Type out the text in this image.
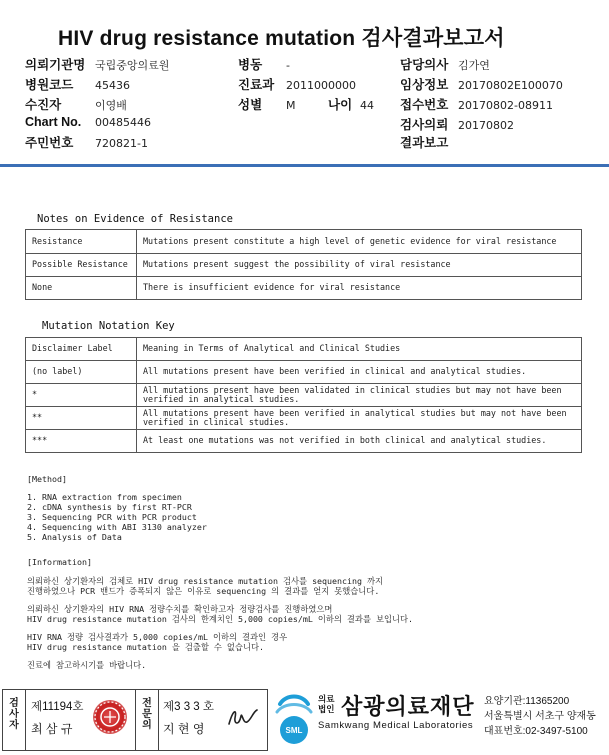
HIV drug resistance mutation 검사결과보고서
의뢰기관명 국립중앙의료원
병원코드 45436
수진자	이영배
Chart No. 00485446
주민번호 720821-1
병동 -
진료과 2011000000
성별 M	나이 44
담당의사 김가연
임상정보 20170802E100070
접수번호 20170802-08911
검사의뢰 20170802
결과보고
Notes on Evidence of Resistance
Resistance	Mutations present constitute a high level of genetic evidence for viral resistance
Possible Resistance	Mutations present suggest the possibility of viral resistance
None	There is insufficient evidence for viral resistance
Mutation Notation Key
Disclaimer Label	Meaning in Terms of Analytical and Clinical Studies
(no label)	All mutations present have been verified in clinical and analytical studies.
*	All mutations present have been validated in clinical studies but may not have been
verified in analytical studies.

**	All mutations present have been verified in analytical studies but may not have been
verified in clinical studies.

***	At least one mutations was not verified in both clinical and analytical studies.
[Method]
1. RNA extraction from specimen
2. cDNA synthesis by first RT-PCR
3. Sequencing PCR with PCR product
4. Sequencing with ABI 3130 analyzer
5. Analysis of Data
[Information]
의뢰하신 상기환자의 검체로 HIV drug resistance mutation 검사를 sequencing 까지
진행하였으나 PCR 밴드가 증폭되지 않은 이유로 sequencing 의 결과를 얻지 못했습니다.
의뢰하신 상기환자의 HIV RNA 정량수치를 확인하고자 정량검사를 진행하였으며
HIV drug resistance mutation 검사의 한계치인 5,000 copies/mL 이하의 결과를 보입니다.
HIV RNA 정량 검사결과가 5,000 copies/mL 이하의 결과인 경우
HIV drug resistance mutation 을 검출할 수 없습니다.
진료에 참고하시기를 바랍니다.
검사자
제11194호
최 삼 규
전문의
제3 3 3 호
지 현 영	SML
의료
법인 삼광의료재단
Samkwang Medical Laboratories
요양기관:11365200
서울특별시 서초구 양재동
대표번호:02-3497-5100
